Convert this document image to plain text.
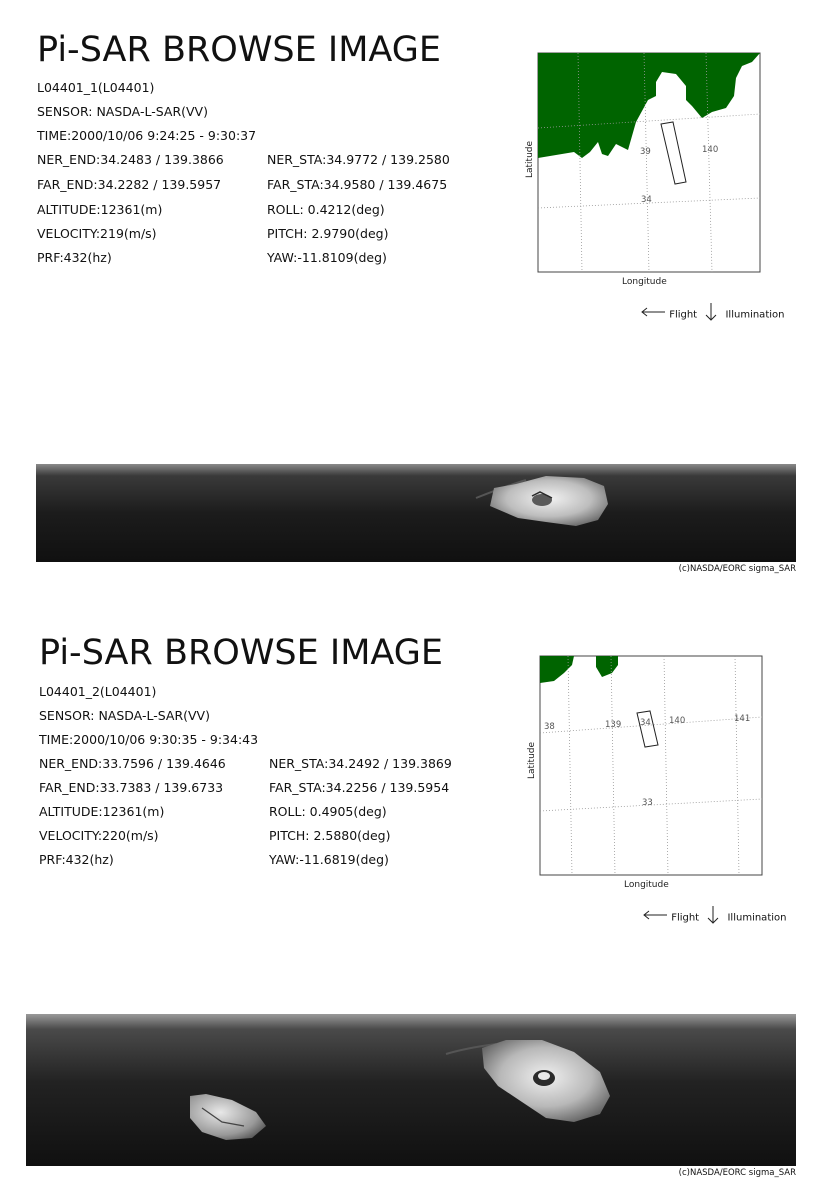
Pi-SAR BROWSE IMAGE
L04401_1(L04401)
SENSOR: NASDA-L-SAR(VV)
TIME:2000/10/06 9:24:25 - 9:30:37
NER_END:34.2483 / 139.3866	NER_STA:34.9772 / 139.2580
FAR_END:34.2282 / 139.5957	FAR_STA:34.9580 / 139.4675
ALTITUDE:12361(m)	ROLL: 0.4212(deg)
VELOCITY:219(m/s)	PITCH: 2.9790(deg)
PRF:432(hz)	YAW:-11.8109(deg)
39	140
34
Latitude
Longitude
Flight	Illumination
(c)NASDA/EORC sigma_SAR
Pi-SAR BROWSE IMAGE
L04401_2(L04401)
SENSOR: NASDA-L-SAR(VV)
TIME:2000/10/06 9:30:35 - 9:34:43
NER_END:33.7596 / 139.4646	NER_STA:34.2492 / 139.3869
FAR_END:33.7383 / 139.6733	FAR_STA:34.2256 / 139.5954
ALTITUDE:12361(m)	ROLL: 0.4905(deg)
VELOCITY:220(m/s)	PITCH: 2.5880(deg)
PRF:432(hz)	YAW:-11.6819(deg)
38	139 34 140	141
33
Latitude
Longitude
Flight	Illumination
(c)NASDA/EORC sigma_SAR
